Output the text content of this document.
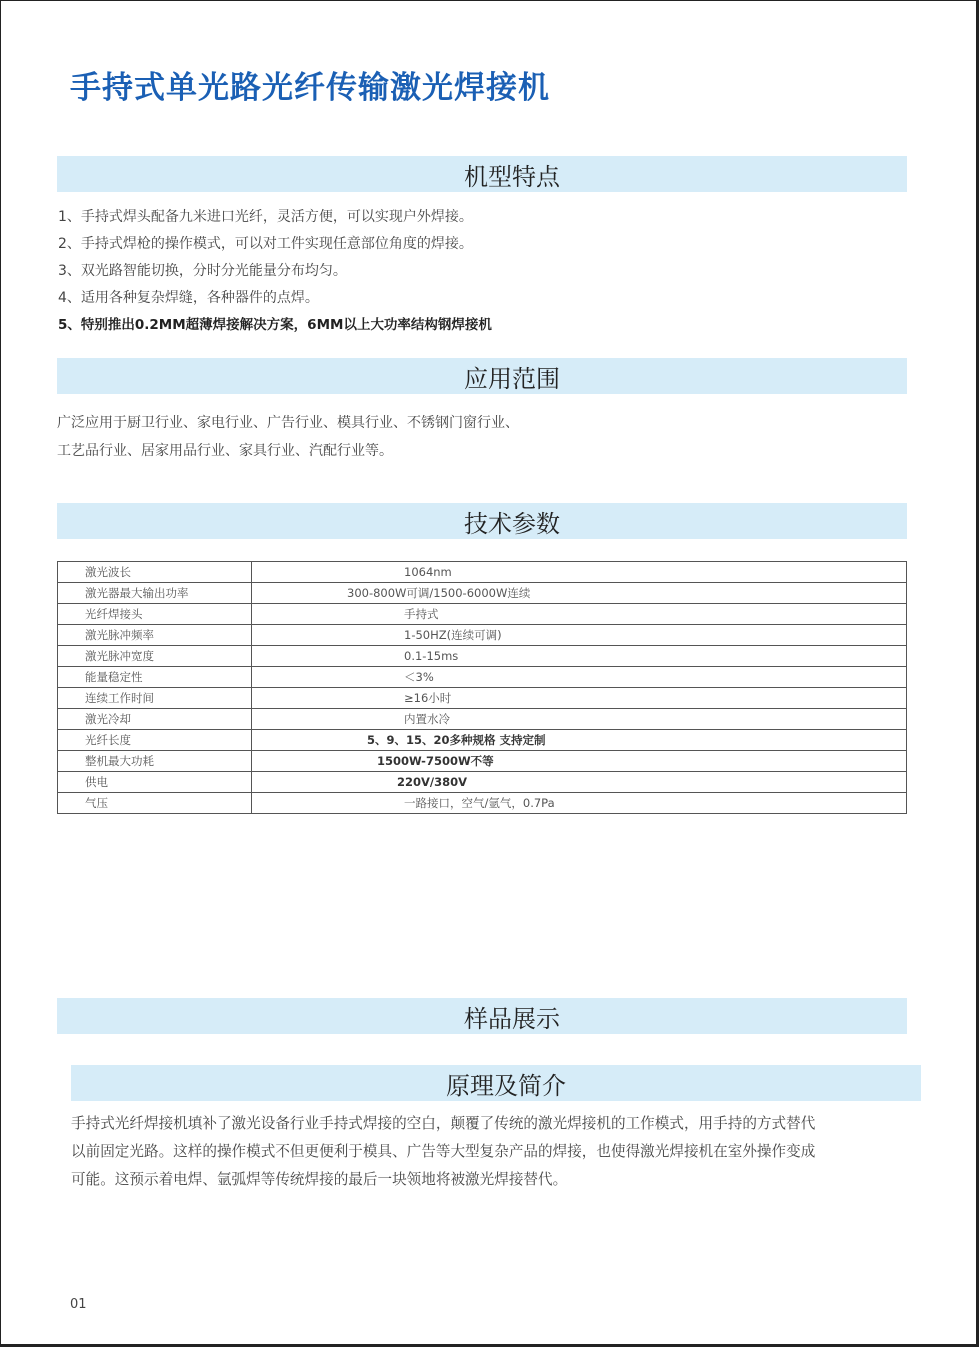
手持式单光路光纤传输激光焊接机
机型特点
1、手持式焊头配备九米进口光纤，灵活方便，可以实现户外焊接。
2、手持式焊枪的操作模式，可以对工件实现任意部位角度的焊接。
3、双光路智能切换，分时分光能量分布均匀。
4、适用各种复杂焊缝，各种器件的点焊。
5、特别推出0.2MM超薄焊接解决方案，6MM以上大功率结构钢焊接机
应用范围

广泛应用于厨卫行业、家电行业、广告行业、模具行业、不锈钢门窗行业、

工艺品行业、居家用品行业、家具行业、汽配行业等。

技术参数
激光波长	1064nm
激光器最大输出功率	300-800W可调/1500-6000W连续
光纤焊接头	手持式
激光脉冲频率	1-50HZ(连续可调)
激光脉冲宽度	0.1-15ms
能量稳定性	＜3%
连续工作时间	≥16小时
激光冷却	内置水冷
光纤长度	5、9、15、20多种规格 支持定制
整机最大功耗	1500W-7500W不等
供电	220V/380V
气压	一路接口，空气/氩气，0.7Pa
样品展示
原理及简介

手持式光纤焊接机填补了激光设备行业手持式焊接的空白，颠覆了传统的激光焊接机的工作模式，用手持的方式替代

以前固定光路。这样的操作模式不但更便利于模具、广告等大型复杂产品的焊接，也使得激光焊接机在室外操作变成

可能。这预示着电焊、氩弧焊等传统焊接的最后一块领地将被激光焊接替代。

01
